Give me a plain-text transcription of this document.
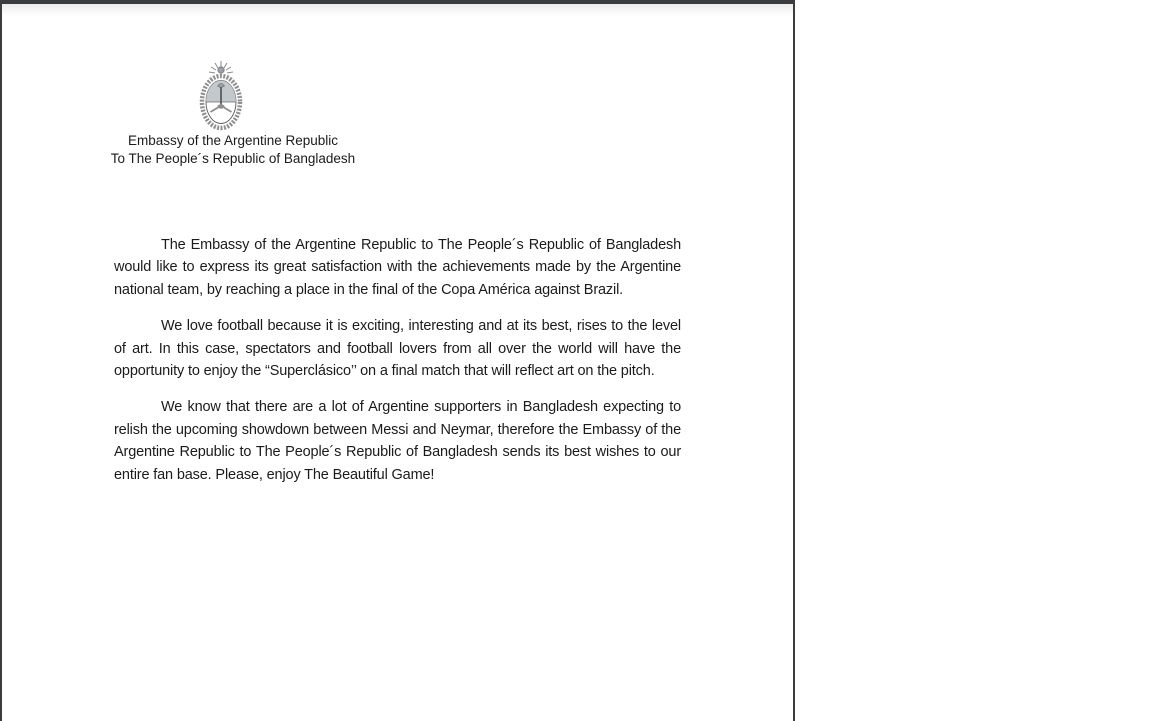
Embassy of the Argentine Republic
To The People´s Republic of Bangladesh

The Embassy of the Argentine Republic to The People´s Republic of Bangladesh would like to express its great satisfaction with the achievements made by the Argentine national team, by reaching a place in the final of the Copa América against Brazil.

We love football because it is exciting, interesting and at its best, rises to the level of art. In this case, spectators and football lovers from all over the world will have the opportunity to enjoy the “Superclásico’’ on a final match that will reflect art on the pitch.

We know that there are a lot of Argentine supporters in Bangladesh expecting to relish the upcoming showdown between Messi and Neymar, therefore the Embassy of the Argentine Republic to The People´s Republic of Bangladesh sends its best wishes to our entire fan base. Please, enjoy The Beautiful Game!
